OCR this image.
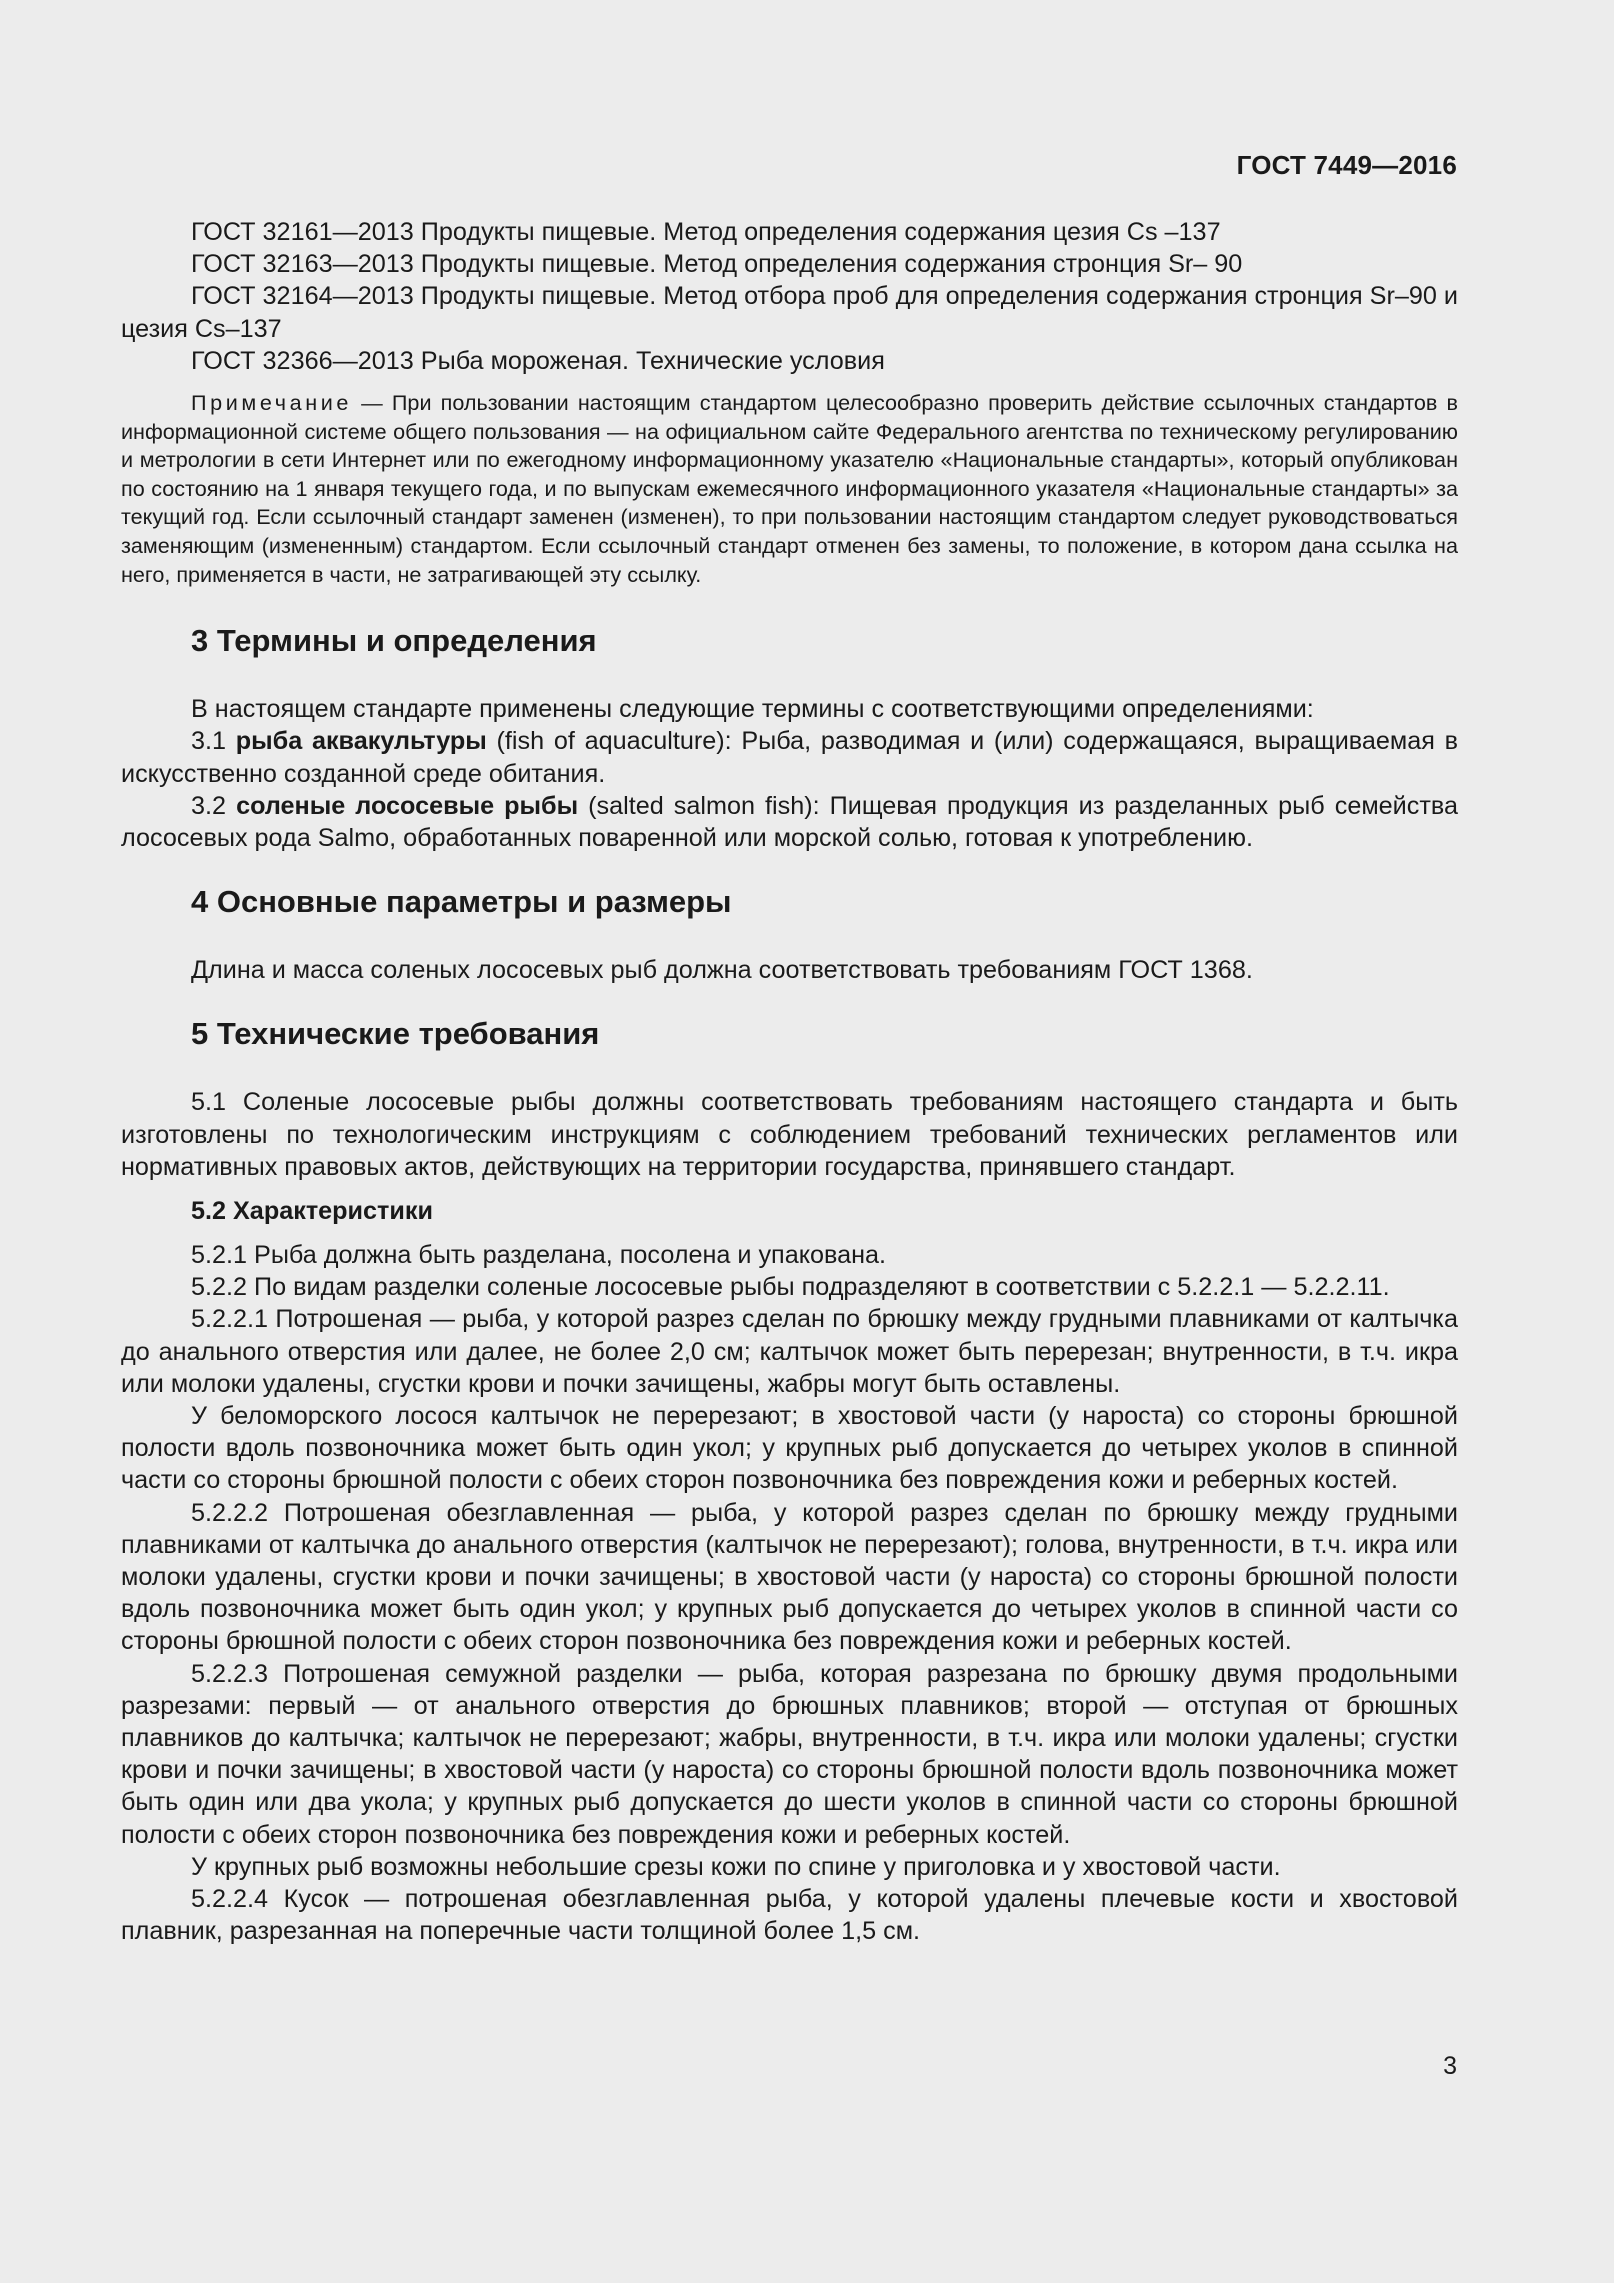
ГОСТ 7449—2016

ГОСТ 32161—2013 Продукты пищевые. Метод определения содержания цезия Cs –137

ГОСТ 32163—2013 Продукты пищевые. Метод определения содержания стронция Sr– 90

ГОСТ 32164—2013 Продукты пищевые. Метод отбора проб для определения содержания стронция Sr–90 и цезия Cs–137

ГОСТ 32366—2013 Рыба мороженая. Технические условия

Примечание — При пользовании настоящим стандартом целесообразно проверить действие ссылочных стандартов в информационной системе общего пользования — на официальном сайте Федерального агентства по техническому регулированию и метрологии в сети Интернет или по ежегодному информационному указателю «Национальные стандарты», который опубликован по состоянию на 1 января текущего года, и по выпускам ежемесячного информационного указателя «Национальные стандарты» за текущий год. Если ссылочный стандарт заменен (изменен), то при пользовании настоящим стандартом следует руководствоваться заменяющим (измененным) стандартом. Если ссылочный стандарт отменен без замены, то положение, в котором дана ссылка на него, применяется в части, не затрагивающей эту ссылку.

3 Термины и определения

В настоящем стандарте применены следующие термины с соответствующими определениями:

3.1 рыба аквакультуры (fish of aquaculture): Рыба, разводимая и (или) содержащаяся, выращиваемая в искусственно созданной среде обитания.

3.2 соленые лососевые рыбы (salted salmon fish): Пищевая продукция из разделанных рыб семейства лососевых рода Salmo, обработанных поваренной или морской солью, готовая к употреблению.

4 Основные параметры и размеры

Длина и масса соленых лососевых рыб должна соответствовать требованиям ГОСТ 1368.

5 Технические требования

5.1 Соленые лососевые рыбы должны соответствовать требованиям настоящего стандарта и быть изготовлены по технологическим инструкциям с соблюдением требований технических регламентов или нормативных правовых актов, действующих на территории государства, принявшего стандарт.

5.2 Характеристики

5.2.1 Рыба должна быть разделана, посолена и упакована.

5.2.2 По видам разделки соленые лососевые рыбы подразделяют в соответствии с 5.2.2.1 — 5.2.2.11.

5.2.2.1 Потрошеная — рыба, у которой разрез сделан по брюшку между грудными плавниками от калтычка до анального отверстия или далее, не более 2,0 см; калтычок может быть перерезан; внутренности, в т.ч. икра или молоки удалены, сгустки крови и почки зачищены, жабры могут быть оставлены.

У беломорского лосося калтычок не перерезают; в хвостовой части (у нароста) со стороны брюшной полости вдоль позвоночника может быть один укол; у крупных рыб допускается до четырех уколов в спинной части со стороны брюшной полости с обеих сторон позвоночника без повреждения кожи и реберных костей.

5.2.2.2 Потрошеная обезглавленная — рыба, у которой разрез сделан по брюшку между грудными плавниками от калтычка до анального отверстия (калтычок не перерезают); голова, внутренности, в т.ч. икра или молоки удалены, сгустки крови и почки зачищены; в хвостовой части (у нароста) со стороны брюшной полости вдоль позвоночника может быть один укол; у крупных рыб допускается до четырех уколов в спинной части со стороны брюшной полости с обеих сторон позвоночника без повреждения кожи и реберных костей.

5.2.2.3 Потрошеная семужной разделки — рыба, которая разрезана по брюшку двумя продольными разрезами: первый — от анального отверстия до брюшных плавников; второй — отступая от брюшных плавников до калтычка; калтычок не перерезают; жабры, внутренности, в т.ч. икра или молоки удалены; сгустки крови и почки зачищены; в хвостовой части (у нароста) со стороны брюшной полости вдоль позвоночника может быть один или два укола; у крупных рыб допускается до шести уколов в спинной части со стороны брюшной полости с обеих сторон позвоночника без повреждения кожи и реберных костей.

У крупных рыб возможны небольшие срезы кожи по спине у приголовка и у хвостовой части.

5.2.2.4 Кусок — потрошеная обезглавленная рыба, у которой удалены плечевые кости и хвостовой плавник, разрезанная на поперечные части толщиной более 1,5 см.

3
